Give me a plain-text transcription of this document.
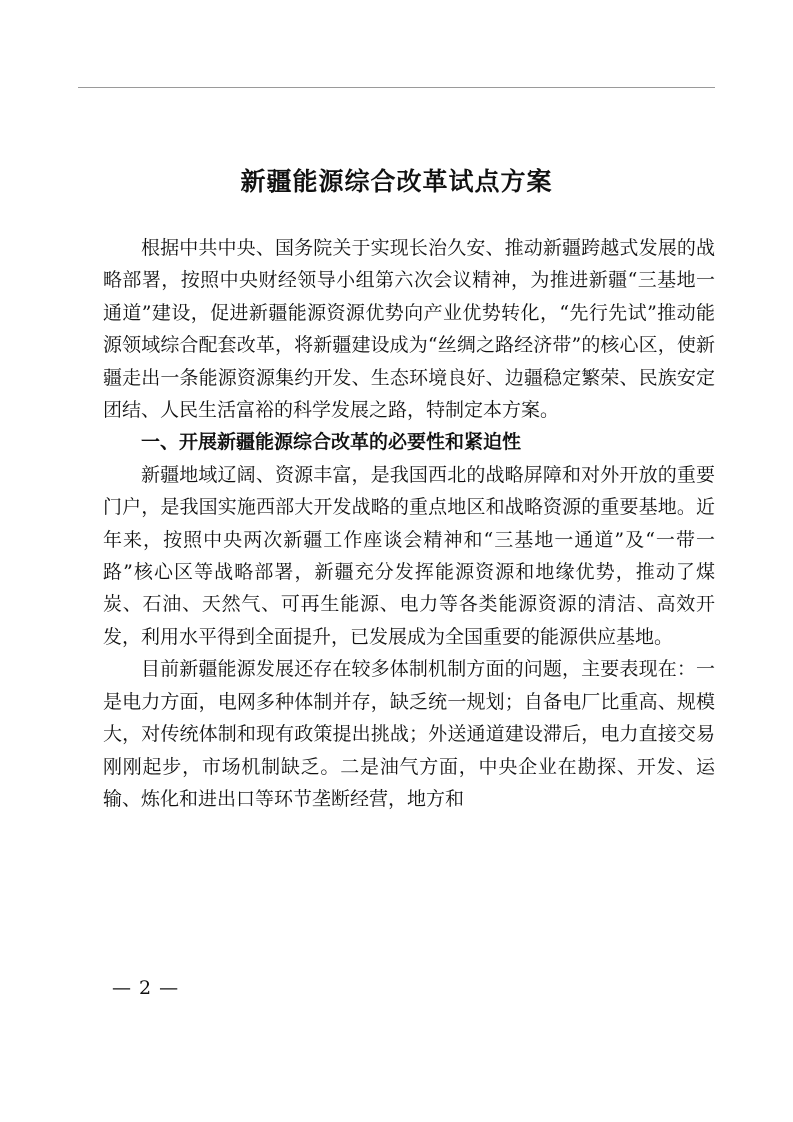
新疆能源综合改革试点方案

根据中共中央、国务院关于实现长治久安、推动新疆跨越式发展的战略部署，按照中央财经领导小组第六次会议精神，为推进新疆“三基地一通道”建设，促进新疆能源资源优势向产业优势转化，“先行先试”推动能源领域综合配套改革，将新疆建设成为“丝绸之路经济带”的核心区，使新疆走出一条能源资源集约开发、生态环境良好、边疆稳定繁荣、民族安定团结、人民生活富裕的科学发展之路，特制定本方案。

一、开展新疆能源综合改革的必要性和紧迫性

新疆地域辽阔、资源丰富，是我国西北的战略屏障和对外开放的重要门户，是我国实施西部大开发战略的重点地区和战略资源的重要基地。近年来，按照中央两次新疆工作座谈会精神和“三基地一通道”及“一带一路”核心区等战略部署，新疆充分发挥能源资源和地缘优势，推动了煤炭、石油、天然气、可再生能源、电力等各类能源资源的清洁、高效开发，利用水平得到全面提升，已发展成为全国重要的能源供应基地。

目前新疆能源发展还存在较多体制机制方面的问题，主要表现在：一是电力方面，电网多种体制并存，缺乏统一规划；自备电厂比重高、规模大，对传统体制和现有政策提出挑战；外送通道建设滞后，电力直接交易刚刚起步，市场机制缺乏。二是油气方面，中央企业在勘探、开发、运输、炼化和进出口等环节垄断经营，地方和

— 2 —
